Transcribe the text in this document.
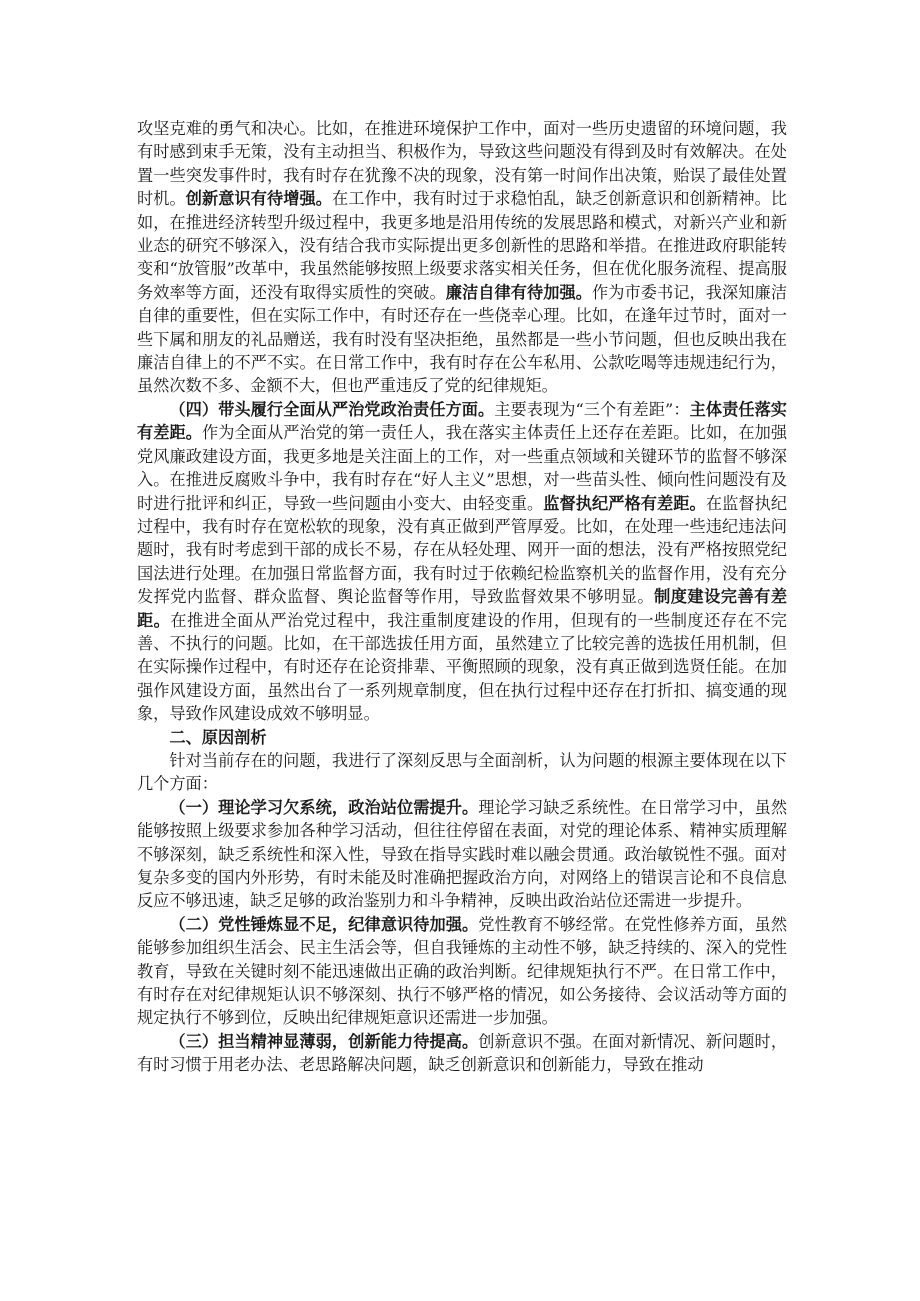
攻坚克难的勇气和决心。比如，在推进环境保护工作中，面对一些历史遗留的环境问题，我有时感到束手无策，没有主动担当、积极作为，导致这些问题没有得到及时有效解决。在处置一些突发事件时，我有时存在犹豫不决的现象，没有第一时间作出决策，贻误了最佳处置时机。创新意识有待增强。在工作中，我有时过于求稳怕乱，缺乏创新意识和创新精神。比如，在推进经济转型升级过程中，我更多地是沿用传统的发展思路和模式，对新兴产业和新业态的研究不够深入，没有结合我市实际提出更多创新性的思路和举措。在推进政府职能转变和“放管服”改革中，我虽然能够按照上级要求落实相关任务，但在优化服务流程、提高服务效率等方面，还没有取得实质性的突破。廉洁自律有待加强。作为市委书记，我深知廉洁自律的重要性，但在实际工作中，有时还存在一些侥幸心理。比如，在逢年过节时，面对一些下属和朋友的礼品赠送，我有时没有坚决拒绝，虽然都是一些小节问题，但也反映出我在廉洁自律上的不严不实。在日常工作中，我有时存在公车私用、公款吃喝等违规违纪行为，虽然次数不多、金额不大，但也严重违反了党的纪律规矩。

（四）带头履行全面从严治党政治责任方面。主要表现为“三个有差距”：主体责任落实有差距。作为全面从严治党的第一责任人，我在落实主体责任上还存在差距。比如，在加强党风廉政建设方面，我更多地是关注面上的工作，对一些重点领域和关键环节的监督不够深入。在推进反腐败斗争中，我有时存在“好人主义”思想，对一些苗头性、倾向性问题没有及时进行批评和纠正，导致一些问题由小变大、由轻变重。监督执纪严格有差距。在监督执纪过程中，我有时存在宽松软的现象，没有真正做到严管厚爱。比如，在处理一些违纪违法问题时，我有时考虑到干部的成长不易，存在从轻处理、网开一面的想法，没有严格按照党纪国法进行处理。在加强日常监督方面，我有时过于依赖纪检监察机关的监督作用，没有充分发挥党内监督、群众监督、舆论监督等作用，导致监督效果不够明显。制度建设完善有差距。在推进全面从严治党过程中，我注重制度建设的作用，但现有的一些制度还存在不完善、不执行的问题。比如，在干部选拔任用方面，虽然建立了比较完善的选拔任用机制，但在实际操作过程中，有时还存在论资排辈、平衡照顾的现象，没有真正做到选贤任能。在加强作风建设方面，虽然出台了一系列规章制度，但在执行过程中还存在打折扣、搞变通的现象，导致作风建设成效不够明显。

二、原因剖析

针对当前存在的问题，我进行了深刻反思与全面剖析，认为问题的根源主要体现在以下几个方面：

（一）理论学习欠系统，政治站位需提升。理论学习缺乏系统性。在日常学习中，虽然能够按照上级要求参加各种学习活动，但往往停留在表面，对党的理论体系、精神实质理解不够深刻，缺乏系统性和深入性，导致在指导实践时难以融会贯通。政治敏锐性不强。面对复杂多变的国内外形势，有时未能及时准确把握政治方向，对网络上的错误言论和不良信息反应不够迅速，缺乏足够的政治鉴别力和斗争精神，反映出政治站位还需进一步提升。

（二）党性锤炼显不足，纪律意识待加强。党性教育不够经常。在党性修养方面，虽然能够参加组织生活会、民主生活会等，但自我锤炼的主动性不够，缺乏持续的、深入的党性教育，导致在关键时刻不能迅速做出正确的政治判断。纪律规矩执行不严。在日常工作中，有时存在对纪律规矩认识不够深刻、执行不够严格的情况，如公务接待、会议活动等方面的规定执行不够到位，反映出纪律规矩意识还需进一步加强。

（三）担当精神显薄弱，创新能力待提高。创新意识不强。在面对新情况、新问题时，有时习惯于用老办法、老思路解决问题，缺乏创新意识和创新能力，导致在推动
